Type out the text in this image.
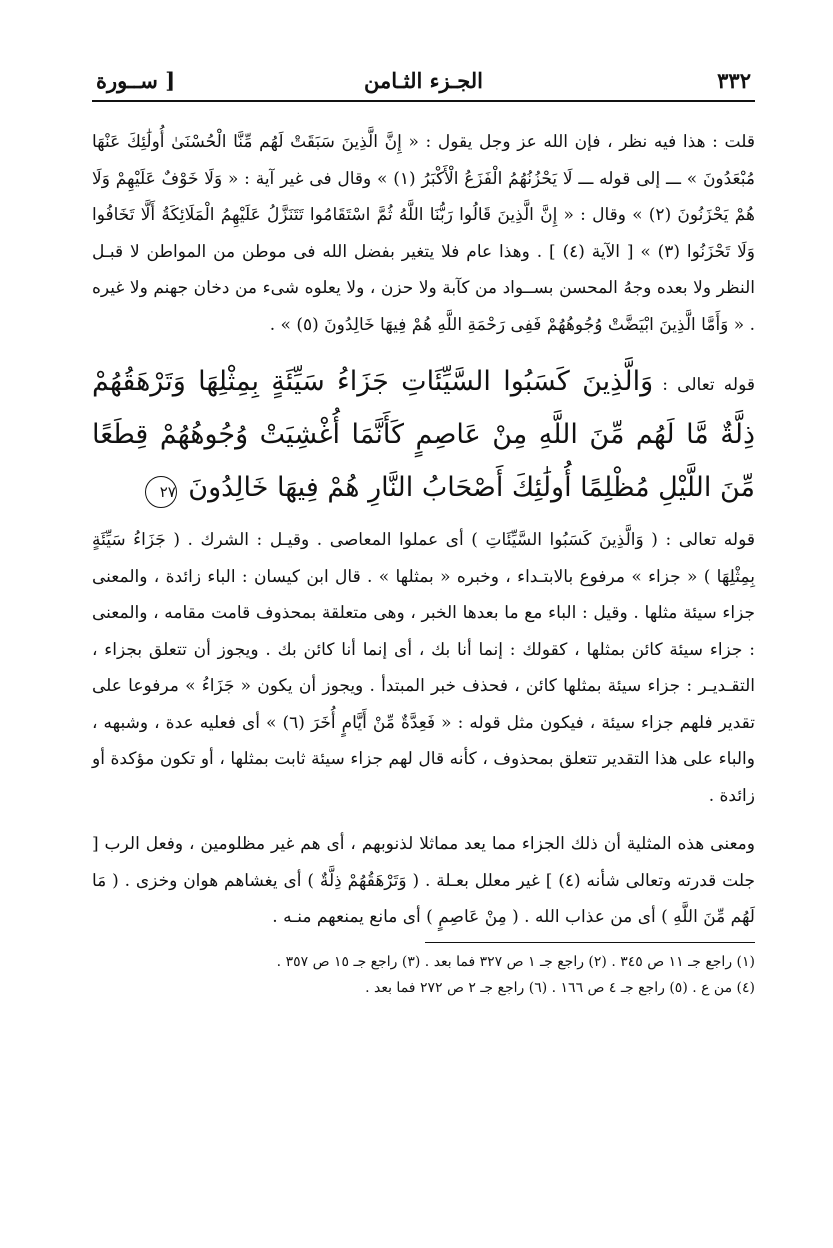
٣٣٢
الجـزء الثـامن
[ ســورة

قلت : هذا فيه نظر ، فإن الله عز وجل يقول : « إِنَّ الَّذِينَ سَبَقَتْ لَهُم مِّنَّا الْحُسْنَىٰ أُولَٰئِكَ عَنْهَا مُبْعَدُونَ » ـــ إلى قوله ـــ لَا يَحْزُنُهُمُ الْفَزَعُ الْأَكْبَرُ (١) » وقال فى غير آية : « وَلَا خَوْفٌ عَلَيْهِمْ وَلَا هُمْ يَحْزَنُونَ (٢) » وقال : « إِنَّ الَّذِينَ قَالُوا رَبُّنَا اللَّهُ ثُمَّ اسْتَقَامُوا تَتَنَزَّلُ عَلَيْهِمُ الْمَلَائِكَةُ أَلَّا تَخَافُوا وَلَا تَحْزَنُوا (٣) » [ الآية (٤) ] . وهذا عام فلا يتغير بفضل الله فى موطن من المواطن لا قبـل النظر ولا بعده وجهُ المحسن بســواد من كآبة ولا حزن ، ولا يعلوه شىء من دخان جهنم ولا غيره . « وَأَمَّا الَّذِينَ ابْيَضَّتْ وُجُوهُهُمْ فَفِى رَحْمَةِ اللَّهِ هُمْ فِيهَا خَالِدُونَ (٥) » .

قوله تعالى : وَالَّذِينَ كَسَبُوا السَّيِّئَاتِ جَزَاءُ سَيِّئَةٍ بِمِثْلِهَا وَتَرْهَقُهُمْ ذِلَّةٌ مَّا لَهُم مِّنَ اللَّهِ مِنْ عَاصِمٍ كَأَنَّمَا أُغْشِيَتْ وُجُوهُهُمْ قِطَعًا مِّنَ اللَّيْلِ مُظْلِمًا أُولَٰئِكَ أَصْحَابُ النَّارِ هُمْ فِيهَا خَالِدُونَ ٢٧

قوله تعالى : ( وَالَّذِينَ كَسَبُوا السَّيِّئَاتِ ) أى عملوا المعاصى . وقيـل : الشرك . ( جَزَاءُ سَيِّئَةٍ بِمِثْلِهَا ) « جزاء » مرفوع بالابتـداء ، وخبره « بمثلها » . قال ابن كيسان : الباء زائدة ، والمعنى جزاء سيئة مثلها . وقيل : الباء مع ما بعدها الخبر ، وهى متعلقة بمحذوف قامت مقامه ، والمعنى : جزاء سيئة كائن بمثلها ، كقولك : إنما أنا بك ، أى إنما أنا كائن بك . ويجوز أن تتعلق بجزاء ، التقـديـر : جزاء سيئة بمثلها كائن ، فحذف خبر المبتدأ . ويجوز أن يكون « جَزَاءُ » مرفوعا على تقدير فلهم جزاء سيئة ، فيكون مثل قوله : « فَعِدَّةٌ مِّنْ أَيَّامٍ أُخَرَ (٦) » أى فعليه عدة ، وشبهه ، والباء على هذا التقدير تتعلق بمحذوف ، كأنه قال لهم جزاء سيئة ثابت بمثلها ، أو تكون مؤكدة أو زائدة .

ومعنى هذه المثلية أن ذلك الجزاء مما يعد مماثلا لذنوبهم ، أى هم غير مظلومين ، وفعل الرب [ جلت قدرته وتعالى شأنه (٤) ] غير معلل بعـلة . ( وَتَرْهَقُهُمْ ذِلَّةٌ ) أى يغشاهم هوان وخزى . ( مَا لَهُم مِّنَ اللَّهِ ) أى من عذاب الله . ( مِنْ عَاصِمٍ ) أى مانع يمنعهم منـه .

(١) راجع جـ ١١ ص ٣٤٥ . (٢) راجع جـ ١ ص ٣٢٧ فما بعد . (٣) راجع جـ ١٥ ص ٣٥٧ .

(٤) من ع . (٥) راجع جـ ٤ ص ١٦٦ . (٦) راجع جـ ٢ ص ٢٧٢ فما بعد .
